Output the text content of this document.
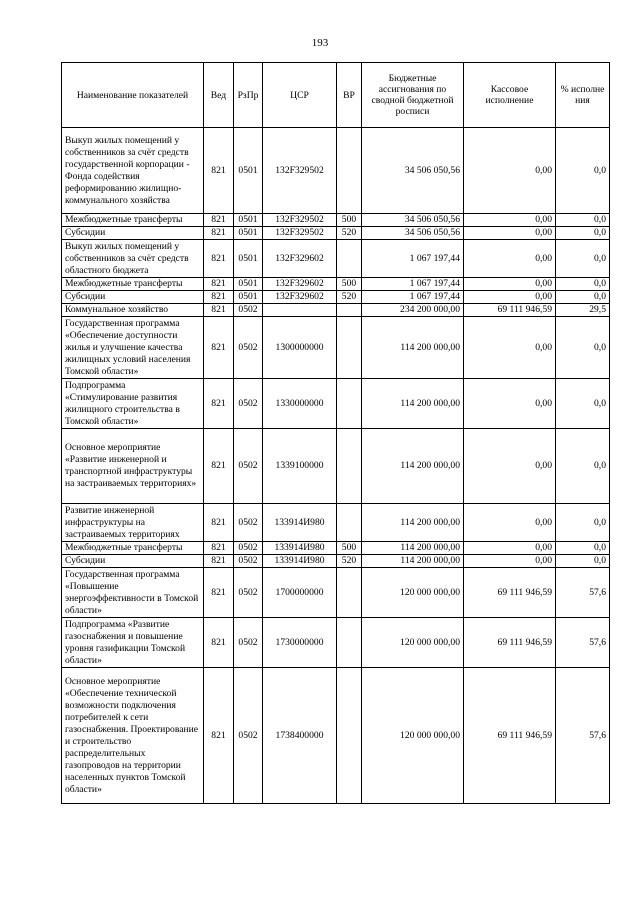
193
Наименование показателей	Вед	РзПр	ЦСР	ВР	Бюджетные ассигнования по сводной бюджетной росписи	Кассовое исполнение	% исполне ния
Выкуп жилых помещений у собственников за счёт средств государственной корпорации - Фонда содействия реформированию жилищно-коммунального хозяйства	821	0501	132F329502		34 506 050,56	0,00	0,0
Межбюджетные трансферты	821	0501	132F329502	500	34 506 050,56	0,00	0,0
Субсидии	821	0501	132F329502	520	34 506 050,56	0,00	0,0
Выкуп жилых помещений у собственников за счёт средств областного бюджета	821	0501	132F329602		1 067 197,44	0,00	0,0
Межбюджетные трансферты	821	0501	132F329602	500	1 067 197,44	0,00	0,0
Субсидии	821	0501	132F329602	520	1 067 197,44	0,00	0,0
Коммунальное хозяйство	821	0502			234 200 000,00	69 111 946,59	29,5
Государственная программа «Обеспечение доступности жилья и улучшение качества жилищных условий населения Томской области»	821	0502	1300000000		114 200 000,00	0,00	0,0
Подпрограмма «Стимулирование развития жилищного строительства в Томской области»	821	0502	1330000000		114 200 000,00	0,00	0,0
Основное мероприятие «Развитие инженерной и транспортной инфраструктуры на застраиваемых территориях»	821	0502	1339100000		114 200 000,00	0,00	0,0
Развитие инженерной инфраструктуры на застраиваемых территориях	821	0502	133914И980		114 200 000,00	0,00	0,0
Межбюджетные трансферты	821	0502	133914И980	500	114 200 000,00	0,00	0,0
Субсидии	821	0502	133914И980	520	114 200 000,00	0,00	0,0
Государственная программа «Повышение энергоэффективности в Томской области»	821	0502	1700000000		120 000 000,00	69 111 946,59	57,6
Подпрограмма «Развитие газоснабжения и повышение уровня газификации Томской области»	821	0502	1730000000		120 000 000,00	69 111 946,59	57,6
Основное мероприятие «Обеспечение технической возможности подключения потребителей к сети газоснабжения. Проектирование и строительство распределительных газопроводов на территории населенных пунктов Томской области»	821	0502	1738400000		120 000 000,00	69 111 946,59	57,6
